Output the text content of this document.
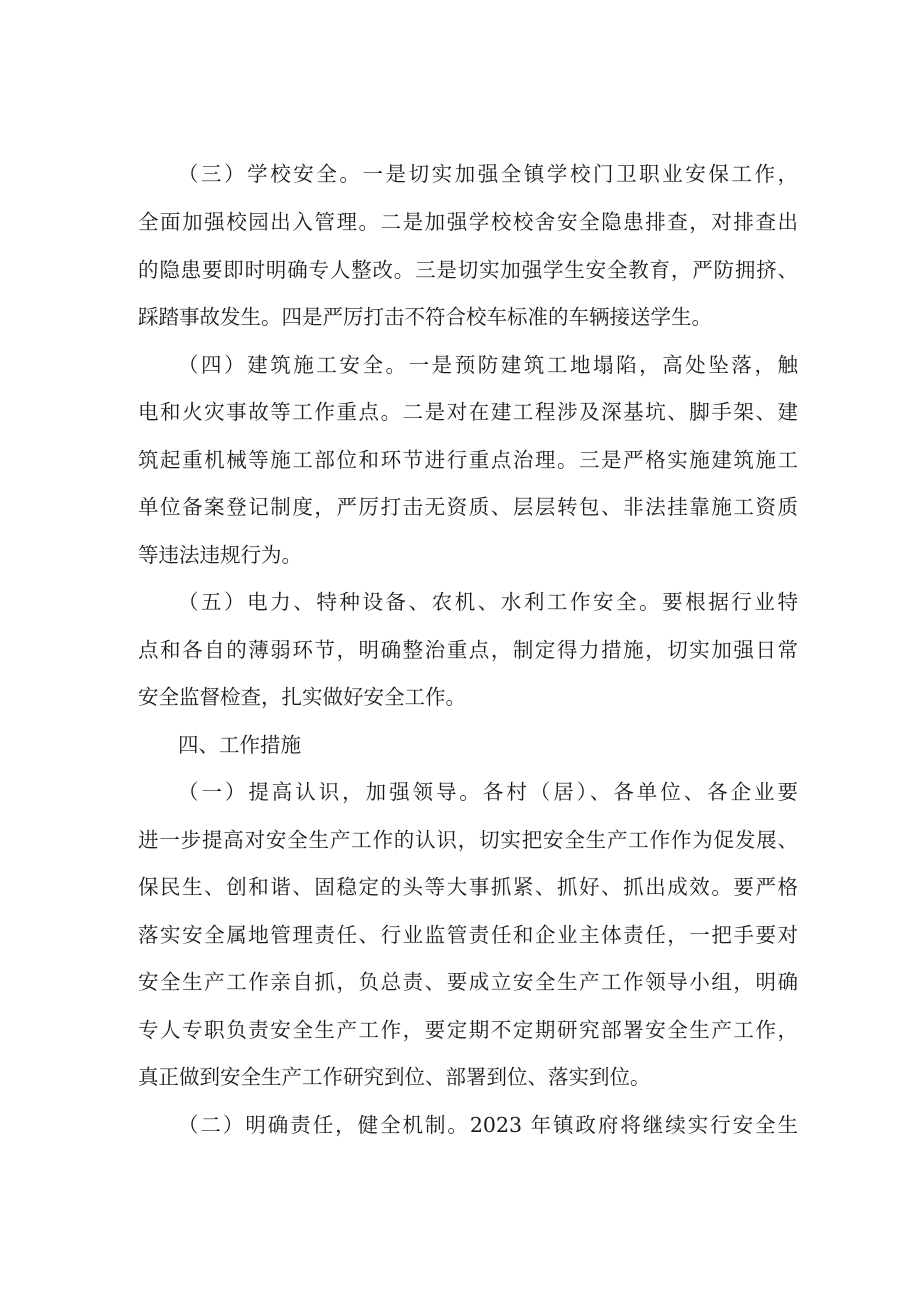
（三）学校安全。一是切实加强全镇学校门卫职业安保工作，
全面加强校园出入管理。二是加强学校校舍安全隐患排查，对排查出
的隐患要即时明确专人整改。三是切实加强学生安全教育，严防拥挤、
踩踏事故发生。四是严厉打击不符合校车标准的车辆接送学生。
（四）建筑施工安全。一是预防建筑工地塌陷，高处坠落，触
电和火灾事故等工作重点。二是对在建工程涉及深基坑、脚手架、建
筑起重机械等施工部位和环节进行重点治理。三是严格实施建筑施工
单位备案登记制度，严厉打击无资质、层层转包、非法挂靠施工资质
等违法违规行为。
（五）电力、特种设备、农机、水利工作安全。要根据行业特
点和各自的薄弱环节，明确整治重点，制定得力措施，切实加强日常
安全监督检查，扎实做好安全工作。
四、工作措施
（一）提高认识，加强领导。各村（居）、各单位、各企业要
进一步提高对安全生产工作的认识，切实把安全生产工作作为促发展、
保民生、创和谐、固稳定的头等大事抓紧、抓好、抓出成效。要严格
落实安全属地管理责任、行业监管责任和企业主体责任，一把手要对
安全生产工作亲自抓，负总责、要成立安全生产工作领导小组，明确
专人专职负责安全生产工作，要定期不定期研究部署安全生产工作，
真正做到安全生产工作研究到位、部署到位、落实到位。
（二）明确责任，健全机制。2023 年镇政府将继续实行安全生
